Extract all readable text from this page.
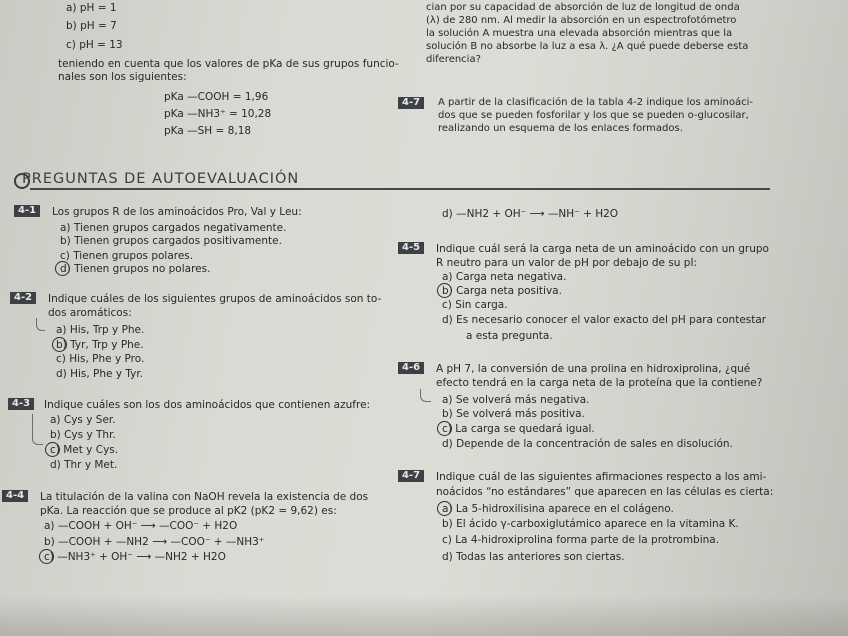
a) pH = 1
b) pH = 7
c) pH = 13
teniendo en cuenta que los valores de pKa de sus grupos funcio-
nales son los siguientes:
pKa —COOH = 1,96
pKa —NH3⁺ = 10,28
pKa —SH = 8,18
cian por su capacidad de absorción de luz de longitud de onda
(λ) de 280 nm. Al medir la absorción en un espectrofotómetro
la solución A muestra una elevada absorción mientras que la
solución B no absorbe la luz a esa λ. ¿A qué puede deberse esta
diferencia?
4-7	A partir de la clasificación de la tabla 4-2 indique los aminoáci-
dos que se pueden fosforilar y los que se pueden o-glucosilar,
realizando un esquema de los enlaces formados.
PREGUNTAS DE AUTOEVALUACIÓN
4-1	Los grupos R de los aminoácidos Pro, Val y Leu:
a) Tienen grupos cargados negativamente.
b) Tienen grupos cargados positivamente.
c) Tienen grupos polares.
d) Tienen grupos no polares.
4-2	Indique cuáles de los siguientes grupos de aminoácidos son to-
dos aromáticos:
a) His, Trp y Phe.
b) Tyr, Trp y Phe.
c) His, Phe y Pro.
d) His, Phe y Tyr.
4-3	Indique cuáles son los dos aminoácidos que contienen azufre:
a) Cys y Ser.
b) Cys y Thr.
c) Met y Cys.
d) Thr y Met.
4-4	La titulación de la valina con NaOH revela la existencia de dos
pKa. La reacción que se produce al pK2 (pK2 = 9,62) es:
a) —COOH + OH⁻ ⟶ —COO⁻ + H2O
b) —COOH + —NH2 ⟶ —COO⁻ + —NH3⁺
c) —NH3⁺ + OH⁻ ⟶ —NH2 + H2O
d) —NH2 + OH⁻ ⟶ —NH⁻ + H2O
4-5	Indique cuál será la carga neta de un aminoácido con un grupo
R neutro para un valor de pH por debajo de su pI:
a) Carga neta negativa.
b) Carga neta positiva.
c) Sin carga.
d) Es necesario conocer el valor exacto del pH para contestar
a esta pregunta.
4-6	A pH 7, la conversión de una prolina en hidroxiprolina, ¿qué
efecto tendrá en la carga neta de la proteína que la contiene?
a) Se volverá más negativa.
b) Se volverá más positiva.
c) La carga se quedará igual.
d) Depende de la concentración de sales en disolución.
4-7	Indique cuál de las siguientes afirmaciones respecto a los ami-
noácidos “no estándares” que aparecen en las células es cierta:
a) La 5-hidroxilisina aparece en el colágeno.
b) El ácido γ-carboxiglutámico aparece en la vitamina K.
c) La 4-hidroxiprolina forma parte de la protrombina.
d) Todas las anteriores son ciertas.
